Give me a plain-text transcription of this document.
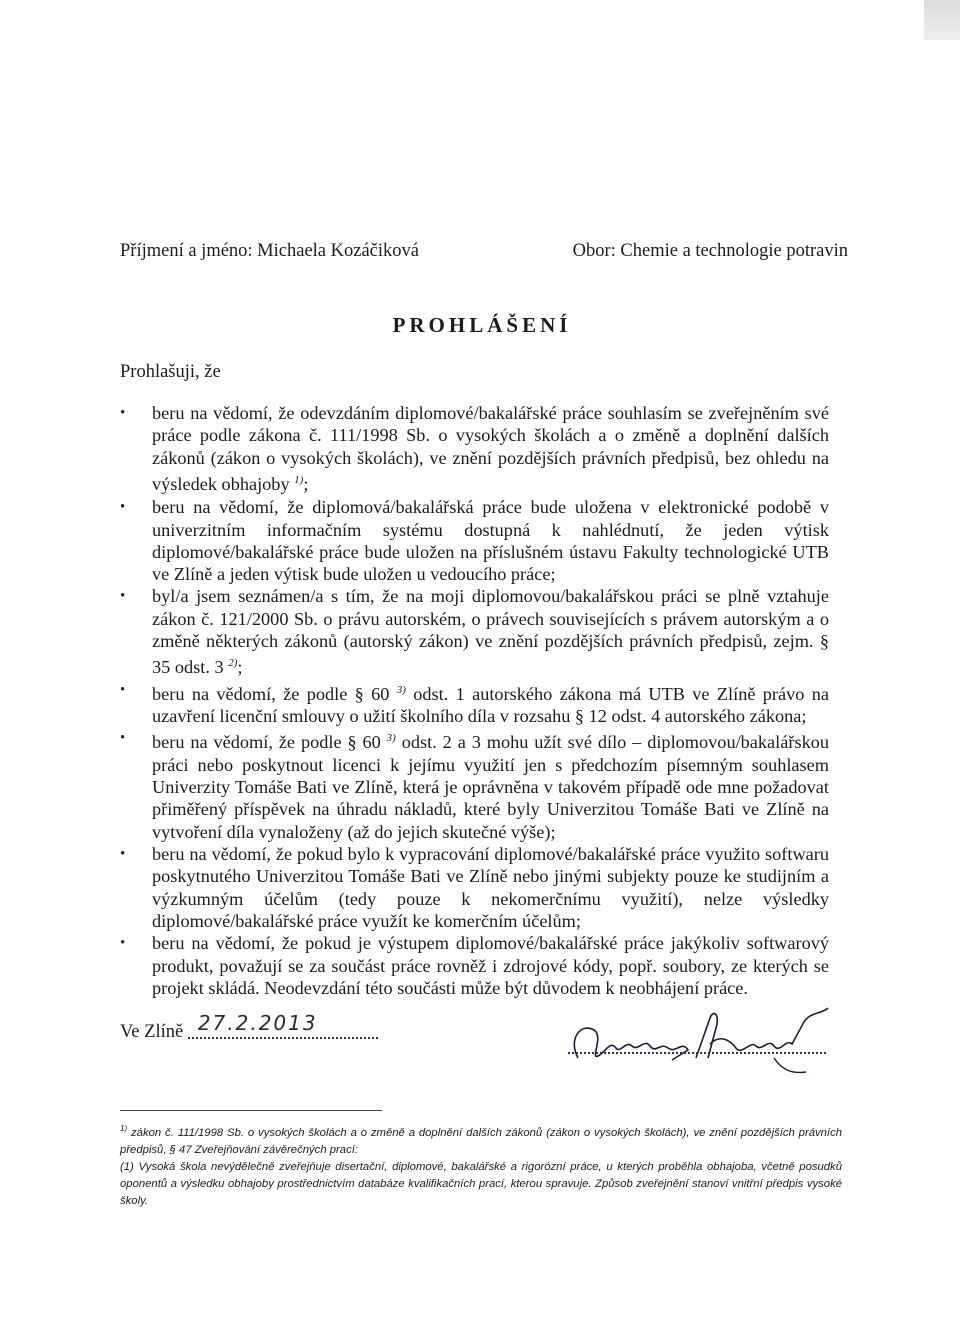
Příjmení a jméno: Michaela Kozáčiková	Obor: Chemie a technologie potravin
PROHLÁŠENÍ
Prohlašuji, že
• beru na vědomí, že odevzdáním diplomové/bakalářské práce souhlasím se zveřejněním své práce podle zákona č. 111/1998 Sb. o vysokých školách a o změně a doplnění dalších zákonů (zákon o vysokých školách), ve znění pozdějších právních předpisů, bez ohledu na výsledek obhajoby $^{1)}$;
• beru na vědomí, že diplomová/bakalářská práce bude uložena v elektronické podobě v univerzitním informačním systému dostupná k nahlédnutí, že jeden výtisk diplomové/bakalářské práce bude uložen na příslušném ústavu Fakulty technologické UTB ve Zlíně a jeden výtisk bude uložen u vedoucího práce;
• byl/a jsem seznámen/a s tím, že na moji diplomovou/bakalářskou práci se plně vztahuje zákon č. 121/2000 Sb. o právu autorském, o právech souvisejících s právem autorským a o změně některých zákonů (autorský zákon) ve znění pozdějších právních předpisů, zejm. § 35 odst. 3 $^{2)}$;
• beru na vědomí, že podle § 60 $^{3)}$ odst. 1 autorského zákona má UTB ve Zlíně právo na uzavření licenční smlouvy o užití školního díla v rozsahu § 12 odst. 4 autorského zákona;
• beru na vědomí, že podle § 60 $^{3)}$ odst. 2 a 3 mohu užít své dílo – diplomovou/bakalářskou práci nebo poskytnout licenci k jejímu využití jen s předchozím písemným souhlasem Univerzity Tomáše Bati ve Zlíně, která je oprávněna v takovém případě ode mne požadovat přiměřený příspěvek na úhradu nákladů, které byly Univerzitou Tomáše Bati ve Zlíně na vytvoření díla vynaloženy (až do jejich skutečné výše);
• beru na vědomí, že pokud bylo k vypracování diplomové/bakalářské práce využito softwaru poskytnutého Univerzitou Tomáše Bati ve Zlíně nebo jinými subjekty pouze ke studijním a výzkumným účelům (tedy pouze k nekomerčnímu využití), nelze výsledky diplomové/bakalářské práce využít ke komerčním účelům;
• beru na vědomí, že pokud je výstupem diplomové/bakalářské práce jakýkoliv softwarový produkt, považují se za součást práce rovněž i zdrojové kódy, popř. soubory, ze kterých se projekt skládá. Neodevzdání této součásti může být důvodem k neobhájení práce.
Ve Zlíně 27.2.2013

$^{1)}$ zákon č. 111/1998 Sb. o vysokých školách a o změně a doplnění dalších zákonů (zákon o vysokých školách), ve znění pozdějších právních předpisů, § 47 Zveřejňování závěrečných prací:

(1) Vysoká škola nevýdělečně zveřejňuje disertační, diplomové, bakalářské a rigorózní práce, u kterých proběhla obhajoba, včetně posudků oponentů a výsledku obhajoby prostřednictvím databáze kvalifikačních prací, kterou spravuje. Způsob zveřejnění stanoví vnitřní předpis vysoké školy.
